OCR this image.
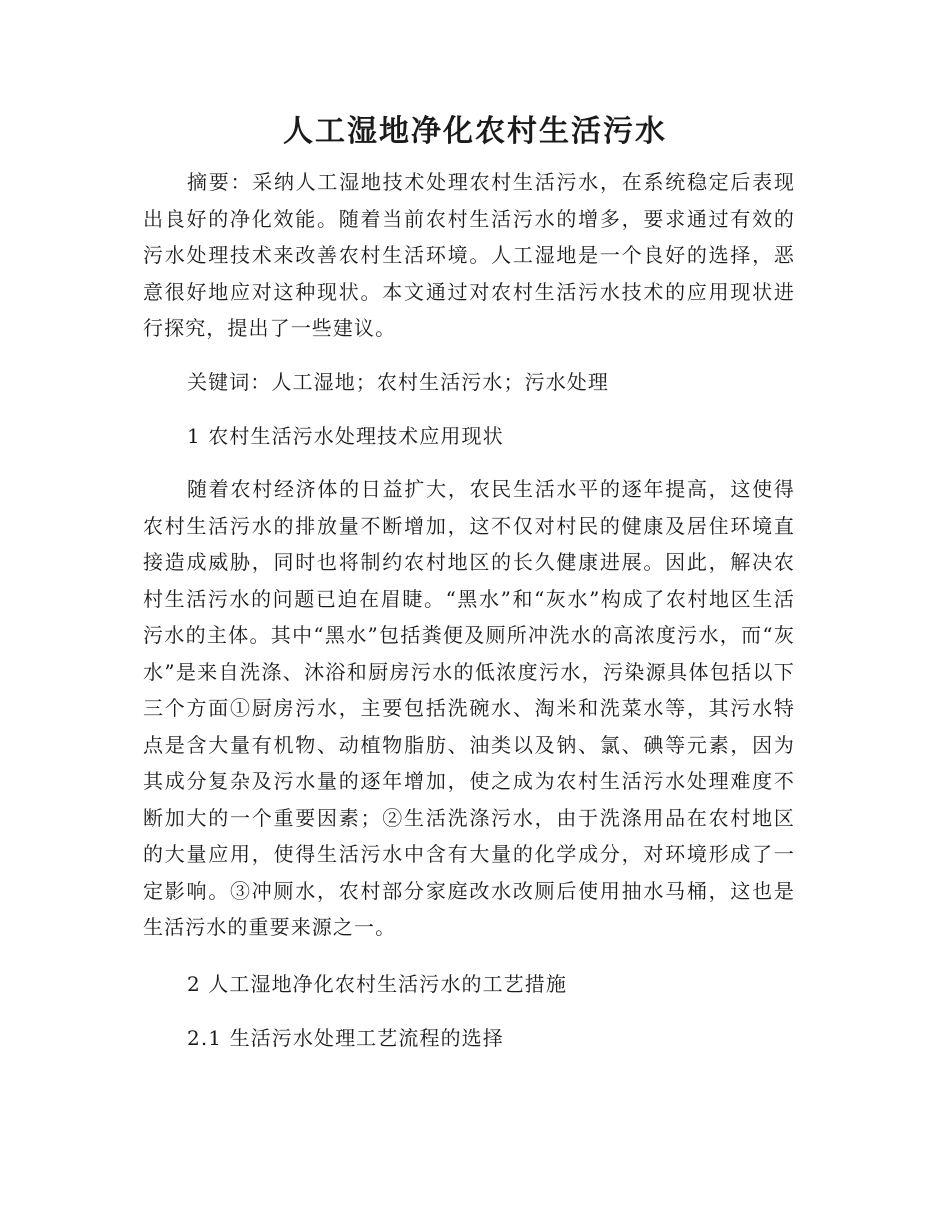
人工湿地净化农村生活污水

摘要：采纳人工湿地技术处理农村生活污水，在系统稳定后表现出良好的净化效能。随着当前农村生活污水的增多，要求通过有效的污水处理技术来改善农村生活环境。人工湿地是一个良好的选择，恶意很好地应对这种现状。本文通过对农村生活污水技术的应用现状进行探究，提出了一些建议。

关键词：人工湿地；农村生活污水；污水处理

1 农村生活污水处理技术应用现状

随着农村经济体的日益扩大，农民生活水平的逐年提高，这使得农村生活污水的排放量不断增加，这不仅对村民的健康及居住环境直接造成威胁，同时也将制约农村地区的长久健康进展。因此，解决农村生活污水的问题已迫在眉睫。“黑水”和“灰水”构成了农村地区生活污水的主体。其中“黑水”包括粪便及厕所冲洗水的高浓度污水，而“灰水”是来自洗涤、沐浴和厨房污水的低浓度污水，污染源具体包括以下三个方面①厨房污水，主要包括洗碗水、淘米和洗菜水等，其污水特点是含大量有机物、动植物脂肪、油类以及钠、氯、碘等元素，因为其成分复杂及污水量的逐年增加，使之成为农村生活污水处理难度不断加大的一个重要因素；②生活洗涤污水，由于洗涤用品在农村地区的大量应用，使得生活污水中含有大量的化学成分，对环境形成了一定影响。③冲厕水，农村部分家庭改水改厕后使用抽水马桶，这也是生活污水的重要来源之一。

2 人工湿地净化农村生活污水的工艺措施

2.1 生活污水处理工艺流程的选择
